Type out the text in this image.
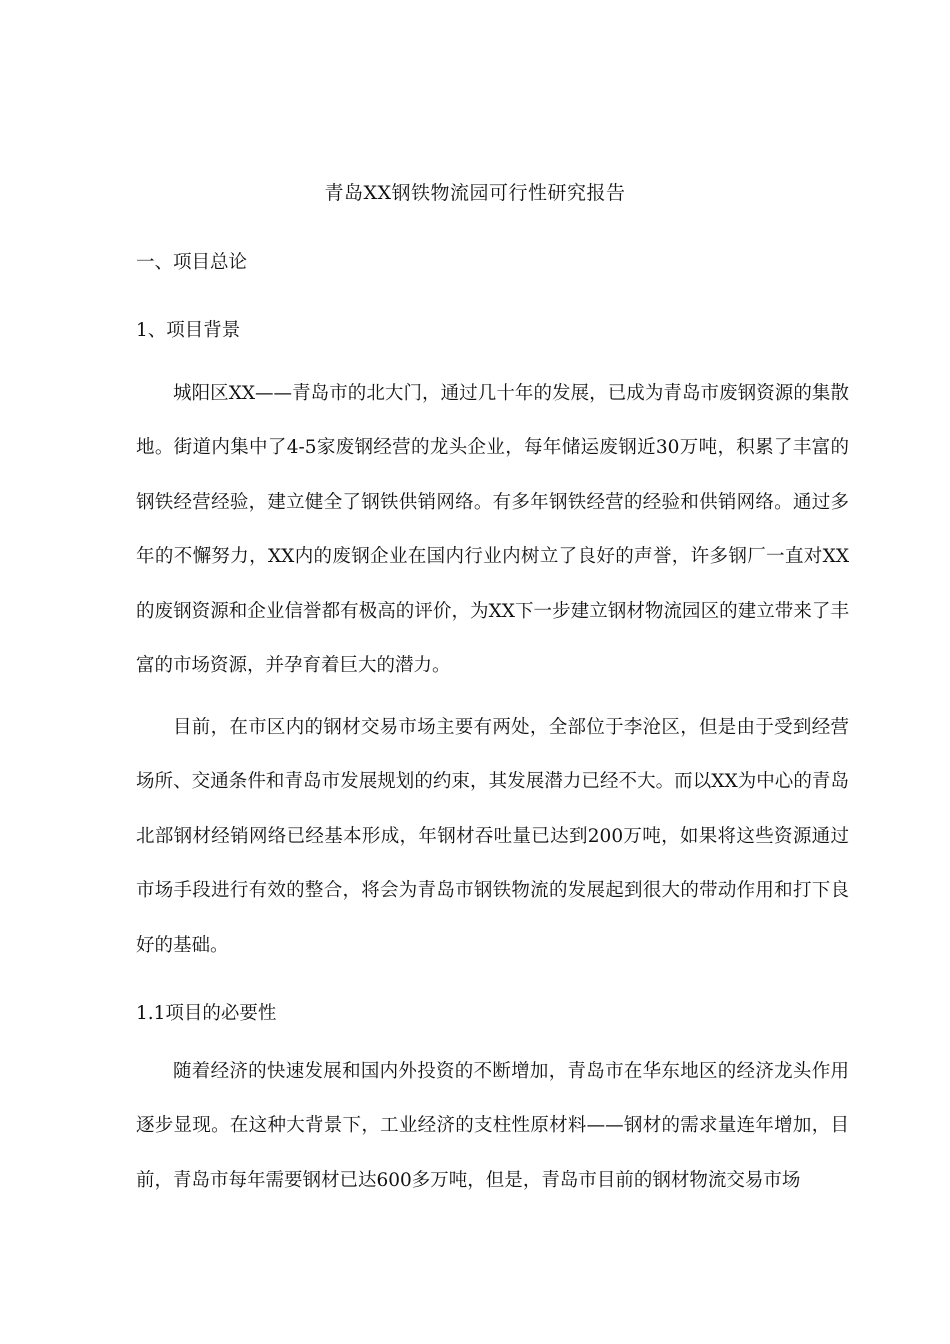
青岛XX钢铁物流园可行性研究报告
一、项目总论
1、项目背景

城阳区XX——青岛市的北大门，通过几十年的发展，已成为青岛市废钢资源的集散地。街道内集中了4-5家废钢经营的龙头企业，每年储运废钢近30万吨，积累了丰富的钢铁经营经验，建立健全了钢铁供销网络。有多年钢铁经营的经验和供销网络。通过多年的不懈努力，XX内的废钢企业在国内行业内树立了良好的声誉，许多钢厂一直对XX的废钢资源和企业信誉都有极高的评价，为XX下一步建立钢材物流园区的建立带来了丰富的市场资源，并孕育着巨大的潜力。

目前，在市区内的钢材交易市场主要有两处，全部位于李沧区，但是由于受到经营场所、交通条件和青岛市发展规划的约束，其发展潜力已经不大。而以XX为中心的青岛北部钢材经销网络已经基本形成，年钢材吞吐量已达到200万吨，如果将这些资源通过市场手段进行有效的整合，将会为青岛市钢铁物流的发展起到很大的带动作用和打下良好的基础。

1.1项目的必要性

随着经济的快速发展和国内外投资的不断增加，青岛市在华东地区的经济龙头作用逐步显现。在这种大背景下，工业经济的支柱性原材料——钢材的需求量连年增加，目前，青岛市每年需要钢材已达600多万吨，但是，青岛市目前的钢材物流交易市场
